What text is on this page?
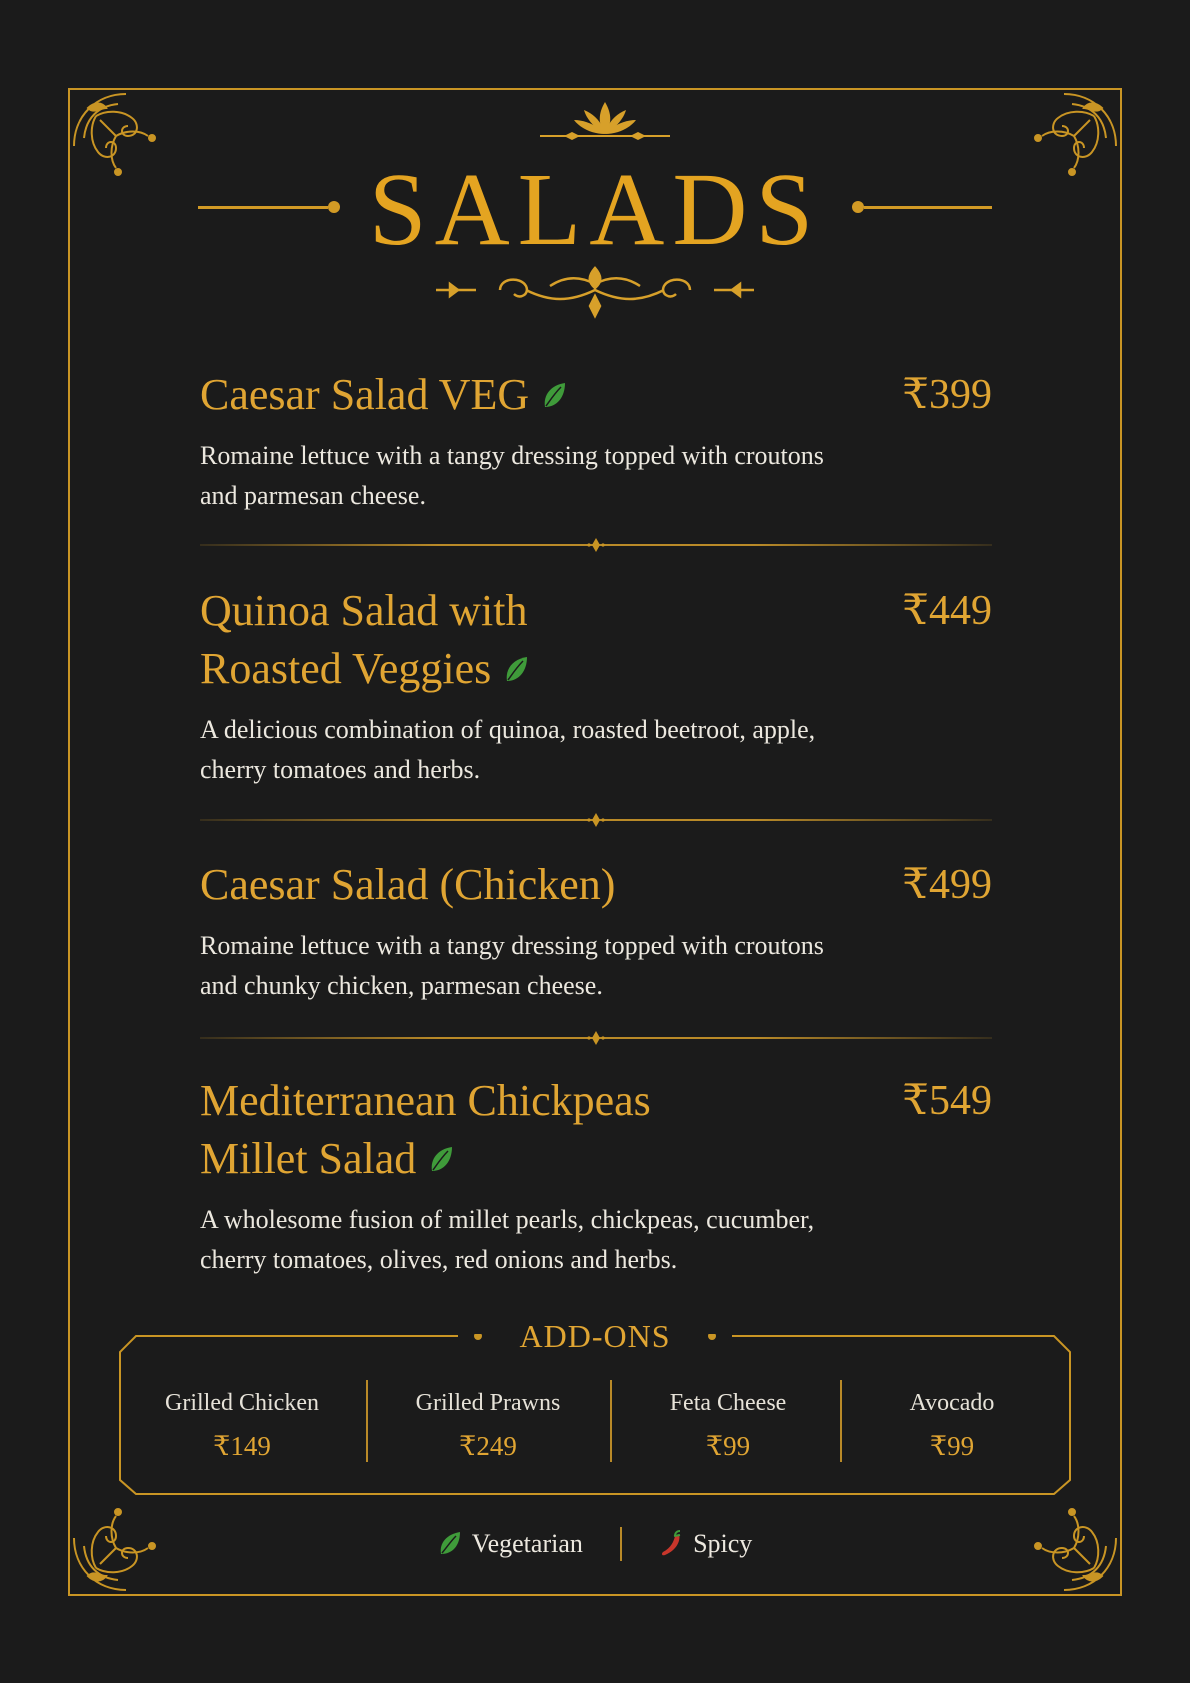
SALADS
Caesar Salad VEG	₹399
Romaine lettuce with a tangy dressing topped with croutons
and parmesan cheese.
Quinoa Salad with
Roasted Veggies
₹449
A delicious combination of quinoa, roasted beetroot, apple,
cherry tomatoes and herbs.
Caesar Salad (Chicken)	₹499
Romaine lettuce with a tangy dressing topped with croutons
and chunky chicken, parmesan cheese.
Mediterranean Chickpeas
Millet Salad
₹549
A wholesome fusion of millet pearls, chickpeas, cucumber,
cherry tomatoes, olives, red onions and herbs.
ADD-ONS
Grilled Chicken
₹149
Grilled Prawns
₹249
Feta Cheese
₹99
Avocado
₹99
Vegetarian	Spicy
